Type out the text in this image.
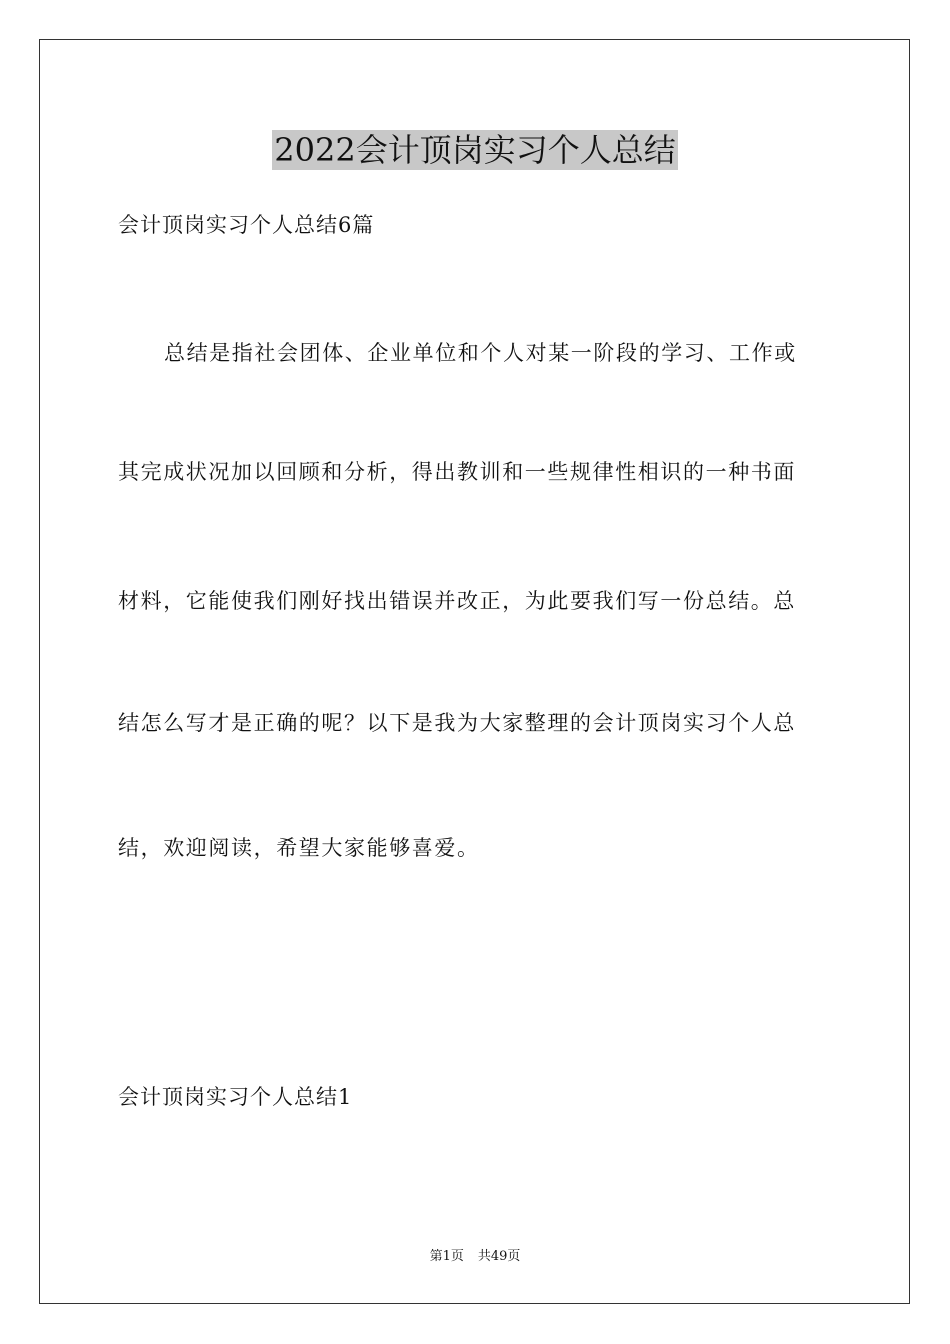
2022会计顶岗实习个人总结
会计顶岗实习个人总结6篇
总结是指社会团体、企业单位和个人对某一阶段的学习、工作或
其完成状况加以回顾和分析，得出教训和一些规律性相识的一种书面
材料，它能使我们刚好找出错误并改正，为此要我们写一份总结。总
结怎么写才是正确的呢？以下是我为大家整理的会计顶岗实习个人总
结，欢迎阅读，希望大家能够喜爱。
会计顶岗实习个人总结1
第1页 共49页
